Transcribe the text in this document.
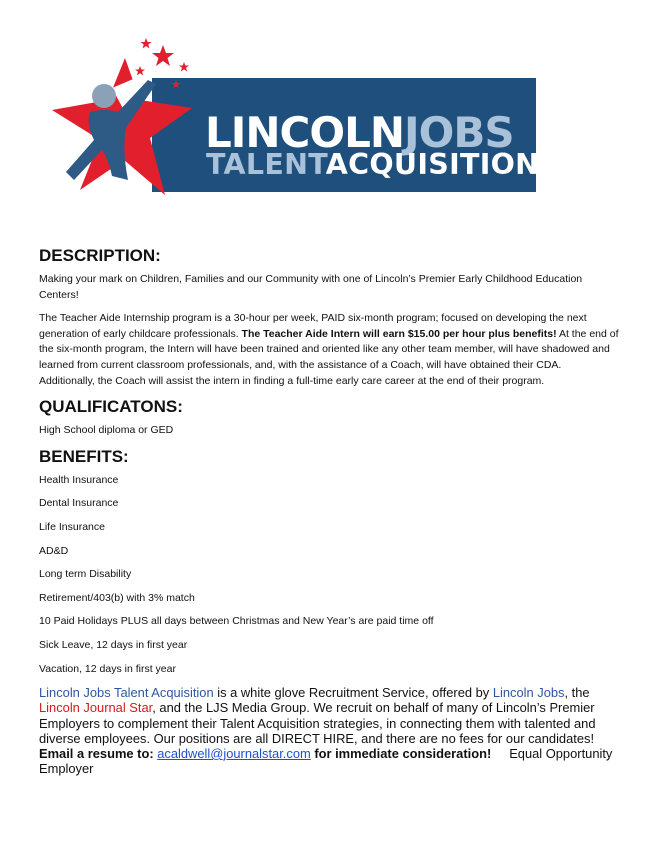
LINCOLNJOBS
TALENTACQUISITION
DESCRIPTION:

Making your mark on Children, Families and our Community with one of Lincoln’s Premier Early Childhood Education Centers!

The Teacher Aide Internship program is a 30-hour per week, PAID six-month program; focused on developing the next generation of early childcare professionals. The Teacher Aide Intern will earn $15.00 per hour plus benefits! At the end of the six-month program, the Intern will have been trained and oriented like any other team member, will have shadowed and learned from current classroom professionals, and, with the assistance of a Coach, will have obtained their CDA. Additionally, the Coach will assist the intern in finding a full-time early care career at the end of their program.

QUALIFICATONS:

High School diploma or GED

BENEFITS:
Health Insurance
Dental Insurance
Life Insurance
AD&D
Long term Disability
Retirement/403(b) with 3% match
10 Paid Holidays PLUS all days between Christmas and New Year’s are paid time off
Sick Leave, 12 days in first year
Vacation, 12 days in first year

Lincoln Jobs Talent Acquisition is a white glove Recruitment Service, offered by Lincoln Jobs, the Lincoln Journal Star, and the LJS Media Group. We recruit on behalf of many of Lincoln’s Premier Employers to complement their Talent Acquisition strategies, in connecting them with talented and diverse employees. Our positions are all DIRECT HIRE, and there are no fees for our candidates! Email a resume to: acaldwell@journalstar.com for immediate consideration! Equal Opportunity Employer
